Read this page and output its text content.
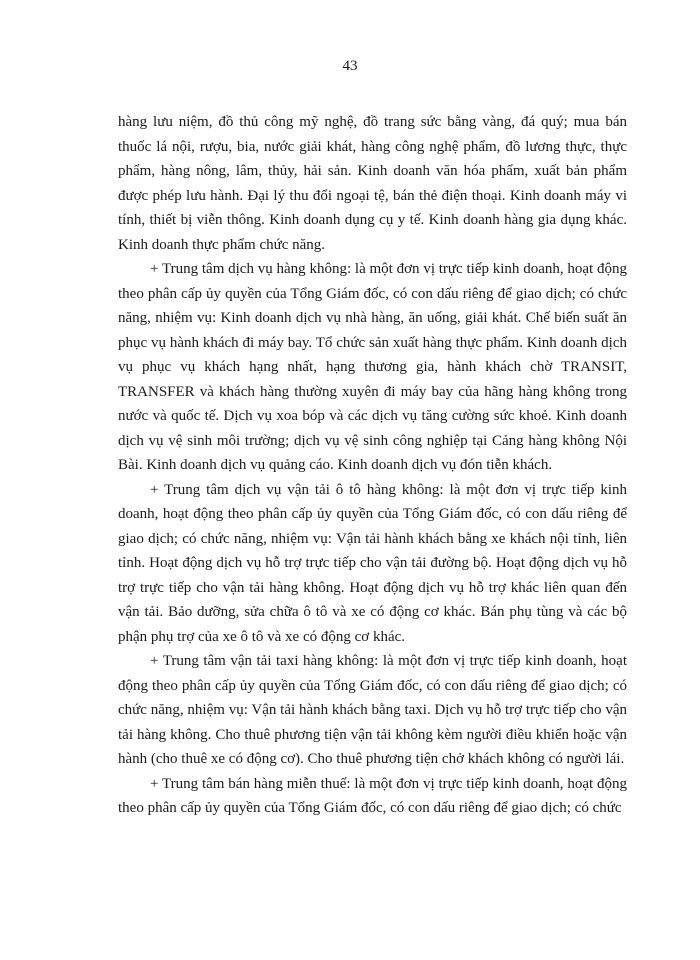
43

hàng lưu niệm, đồ thủ công mỹ nghệ, đồ trang sức bằng vàng, đá quý; mua bán thuốc lá nội, rượu, bia, nước giải khát, hàng công nghệ phẩm, đồ lương thực, thực phẩm, hàng nông, lâm, thủy, hải sản. Kinh doanh văn hóa phẩm, xuất bản phẩm được phép lưu hành. Đại lý thu đổi ngoại tệ, bán thẻ điện thoại. Kinh doanh máy vi tính, thiết bị viễn thông. Kinh doanh dụng cụ y tế. Kinh doanh hàng gia dụng khác. Kinh doanh thực phẩm chức năng.

+ Trung tâm dịch vụ hàng không: là một đơn vị trực tiếp kinh doanh, hoạt động theo phân cấp ủy quyền của Tổng Giám đốc, có con dấu riêng để giao dịch; có chức năng, nhiệm vụ: Kinh doanh dịch vụ nhà hàng, ăn uống, giải khát. Chế biến suất ăn phục vụ hành khách đi máy bay. Tổ chức sản xuất hàng thực phẩm. Kinh doanh dịch vụ phục vụ khách hạng nhất, hạng thương gia, hành khách chờ TRANSIT, TRANSFER và khách hàng thường xuyên đi máy bay của hãng hàng không trong nước và quốc tế. Dịch vụ xoa bóp và các dịch vụ tăng cường sức khoẻ. Kinh doanh dịch vụ vệ sinh môi trường; dịch vụ vệ sinh công nghiệp tại Cảng hàng không Nội Bài. Kinh doanh dịch vụ quảng cáo. Kinh doanh dịch vụ đón tiễn khách.

+ Trung tâm dịch vụ vận tải ô tô hàng không: là một đơn vị trực tiếp kinh doanh, hoạt động theo phân cấp ủy quyền của Tổng Giám đốc, có con dấu riêng để giao dịch; có chức năng, nhiệm vụ: Vận tải hành khách bằng xe khách nội tỉnh, liên tỉnh. Hoạt động dịch vụ hỗ trợ trực tiếp cho vận tải đường bộ. Hoạt động dịch vụ hỗ trợ trực tiếp cho vận tải hàng không. Hoạt động dịch vụ hỗ trợ khác liên quan đến vận tải. Bảo dưỡng, sửa chữa ô tô và xe có động cơ khác. Bán phụ tùng và các bộ phận phụ trợ của xe ô tô và xe có động cơ khác.

+ Trung tâm vận tải taxi hàng không: là một đơn vị trực tiếp kinh doanh, hoạt động theo phân cấp ủy quyền của Tổng Giám đốc, có con dấu riêng để giao dịch; có chức năng, nhiệm vụ: Vận tải hành khách bằng taxi. Dịch vụ hỗ trợ trực tiếp cho vận tải hàng không. Cho thuê phương tiện vận tải không kèm người điều khiển hoặc vận hành (cho thuê xe có động cơ). Cho thuê phương tiện chở khách không có người lái.

+ Trung tâm bán hàng miễn thuế: là một đơn vị trực tiếp kinh doanh, hoạt động theo phân cấp ủy quyền của Tổng Giám đốc, có con dấu riêng để giao dịch; có chức
